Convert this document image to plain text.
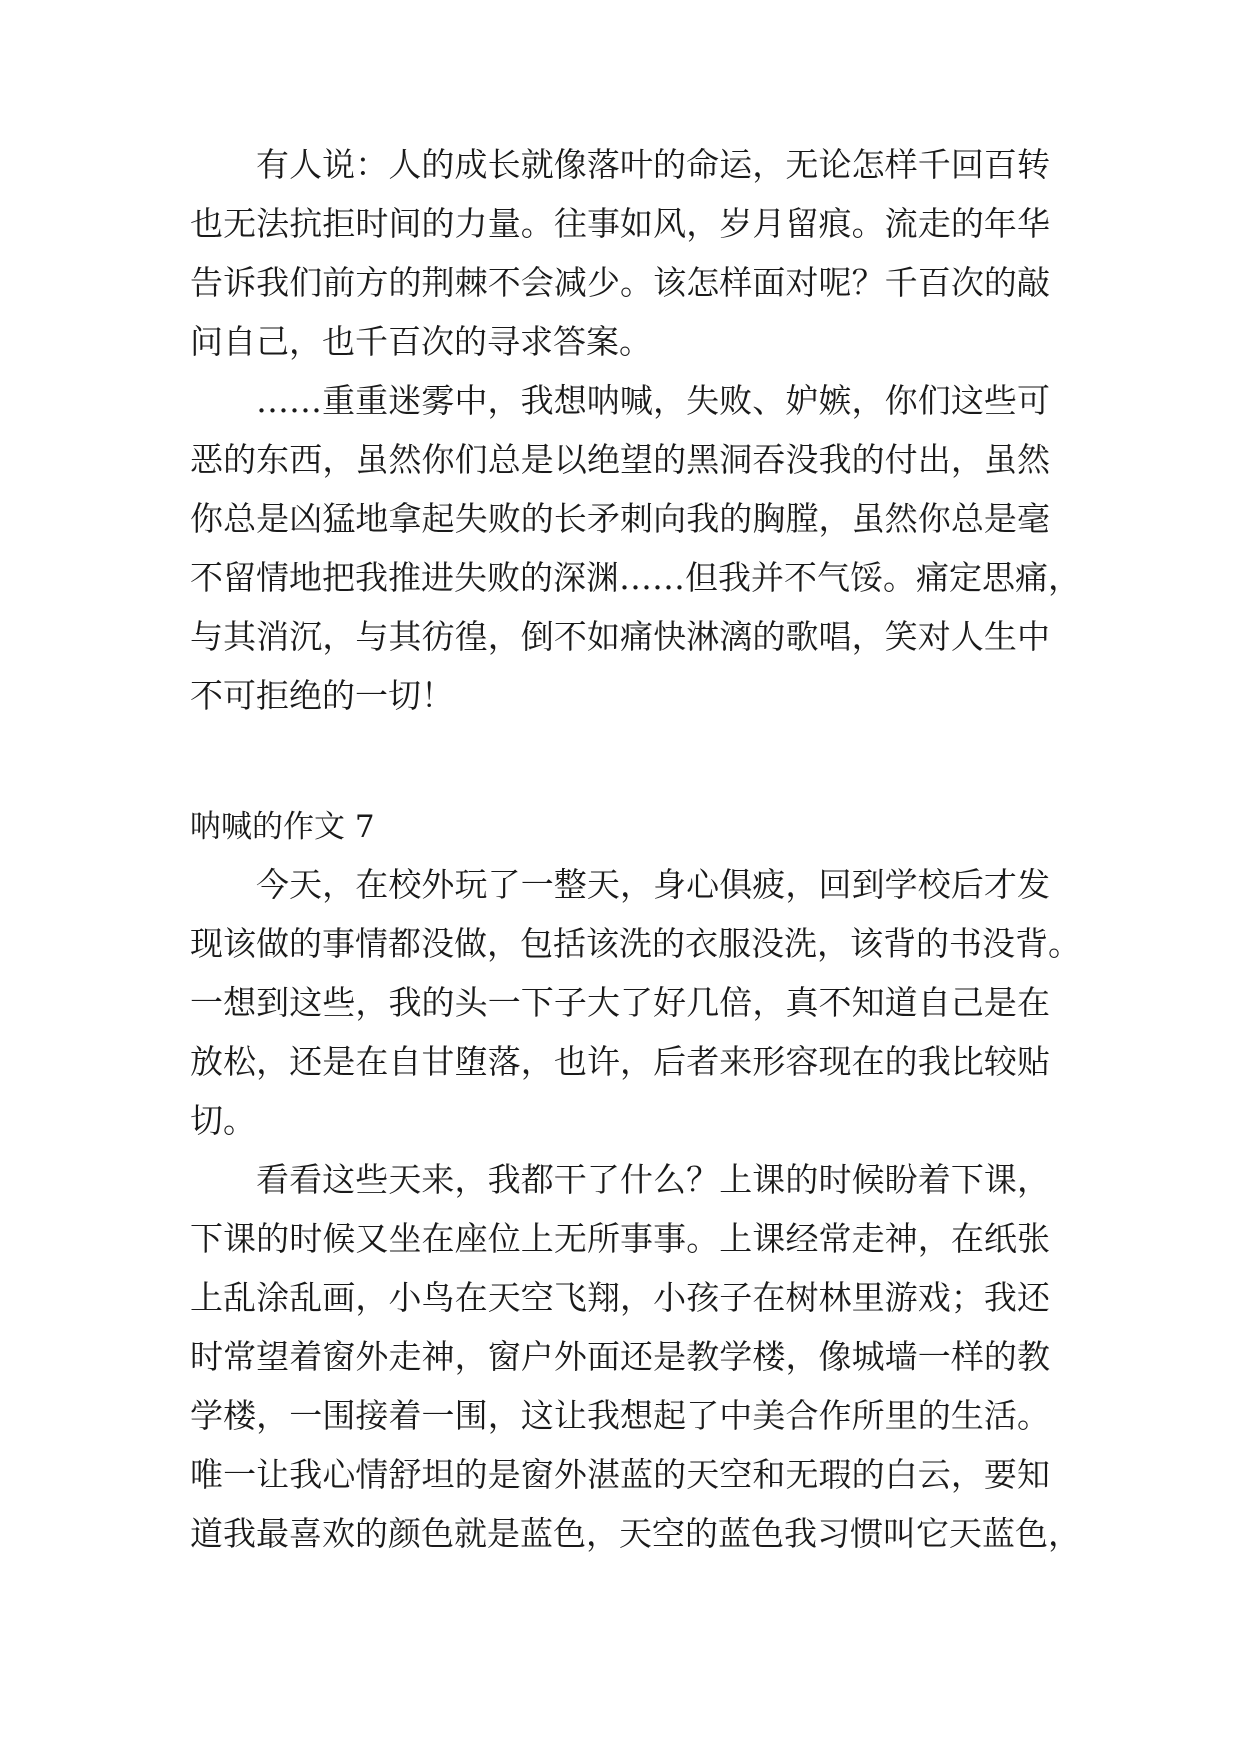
有人说：人的成长就像落叶的命运，无论怎样千回百转
也无法抗拒时间的力量。往事如风，岁月留痕。流走的年华
告诉我们前方的荆棘不会减少。该怎样面对呢？千百次的敲
问自己，也千百次的寻求答案。
……重重迷雾中，我想呐喊，失败、妒嫉，你们这些可
恶的东西，虽然你们总是以绝望的黑洞吞没我的付出，虽然
你总是凶猛地拿起失败的长矛刺向我的胸膛，虽然你总是毫
不留情地把我推进失败的深渊……但我并不气馁。痛定思痛，
与其消沉，与其彷徨，倒不如痛快淋漓的歌唱，笑对人生中
不可拒绝的一切！
呐喊的作文 7
今天，在校外玩了一整天，身心俱疲，回到学校后才发
现该做的事情都没做，包括该洗的衣服没洗，该背的书没背。
一想到这些，我的头一下子大了好几倍，真不知道自己是在
放松，还是在自甘堕落，也许，后者来形容现在的我比较贴
切。
看看这些天来，我都干了什么？上课的时候盼着下课，
下课的时候又坐在座位上无所事事。上课经常走神，在纸张
上乱涂乱画，小鸟在天空飞翔，小孩子在树林里游戏；我还
时常望着窗外走神，窗户外面还是教学楼，像城墙一样的教
学楼，一围接着一围，这让我想起了中美合作所里的生活。
唯一让我心情舒坦的是窗外湛蓝的天空和无瑕的白云，要知
道我最喜欢的颜色就是蓝色，天空的蓝色我习惯叫它天蓝色，
